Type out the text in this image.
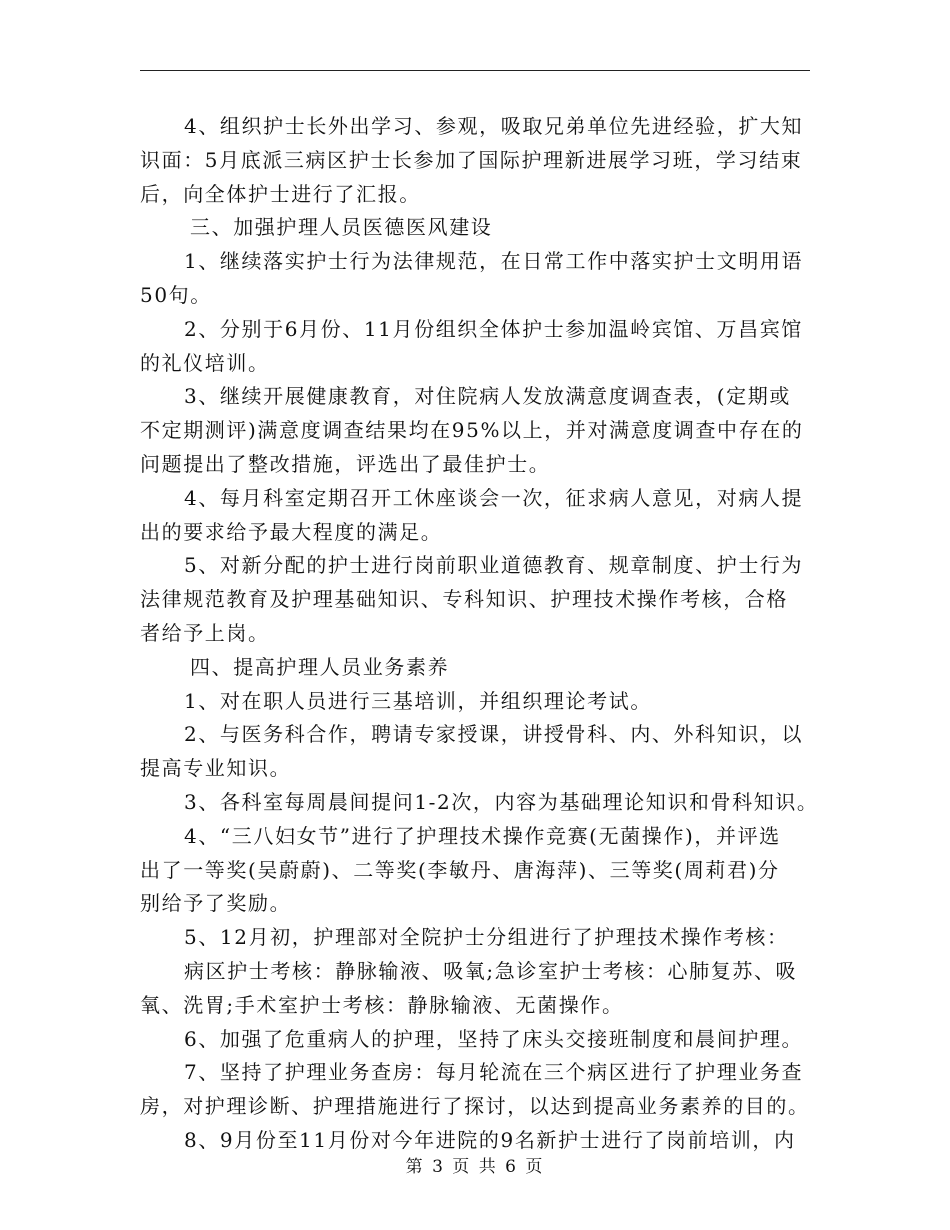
4、组织护士长外出学习、参观，吸取兄弟单位先进经验，扩大知
识面：5月底派三病区护士长参加了国际护理新进展学习班，学习结束
后，向全体护士进行了汇报。
三、加强护理人员医德医风建设
1、继续落实护士行为法律规范，在日常工作中落实护士文明用语
50句。
2、分别于6月份、11月份组织全体护士参加温岭宾馆、万昌宾馆
的礼仪培训。
3、继续开展健康教育，对住院病人发放满意度调查表，(定期或
不定期测评)满意度调查结果均在95%以上，并对满意度调查中存在的
问题提出了整改措施，评选出了最佳护士。
4、每月科室定期召开工休座谈会一次，征求病人意见，对病人提
出的要求给予最大程度的满足。
5、对新分配的护士进行岗前职业道德教育、规章制度、护士行为
法律规范教育及护理基础知识、专科知识、护理技术操作考核，合格
者给予上岗。
四、提高护理人员业务素养
1、对在职人员进行三基培训，并组织理论考试。
2、与医务科合作，聘请专家授课，讲授骨科、内、外科知识，以
提高专业知识。
3、各科室每周晨间提问1-2次，内容为基础理论知识和骨科知识。
4、“三八妇女节”进行了护理技术操作竞赛(无菌操作)，并评选
出了一等奖(吴蔚蔚)、二等奖(李敏丹、唐海萍)、三等奖(周莉君)分
别给予了奖励。
5、12月初，护理部对全院护士分组进行了护理技术操作考核：
病区护士考核：静脉输液、吸氧;急诊室护士考核：心肺复苏、吸
氧、洗胃;手术室护士考核：静脉输液、无菌操作。
6、加强了危重病人的护理，坚持了床头交接班制度和晨间护理。
7、坚持了护理业务查房：每月轮流在三个病区进行了护理业务查
房，对护理诊断、护理措施进行了探讨，以达到提高业务素养的目的。
8、9月份至11月份对今年进院的9名新护士进行了岗前培训，内
第 3 页 共 6 页
